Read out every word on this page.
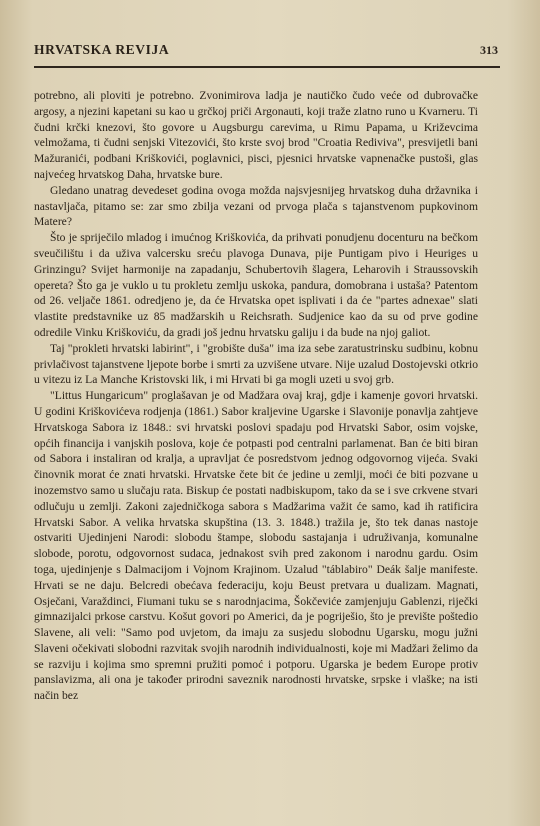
HRVATSKA REVIJA	313

potrebno, ali ploviti je potrebno. Zvonimirova ladja je nautičko čudo veće od dubrovačke argosy, a njezini kapetani su kao u grčkoj priči Argonauti, koji traže zlatno runo u Kvarneru. Ti čudni krčki knezovi, što govore u Augsburgu carevima, u Rimu Papama, u Križevcima velmožama, ti čudni senjski Vitezovići, što krste svoj brod "Croatia Rediviva", presvijetli bani Mažuranići, podbani Kriškovići, poglavnici, pisci, pjesnici hrvatske vapnenačke pustoši, glas najvećeg hrvatskog Daha, hrvatske bure.

Gledano unatrag devedeset godina ovoga možda najsvjesnijeg hrvatskog duha državnika i nastavljača, pitamo se: zar smo zbilja vezani od prvoga plača s tajanstvenom pupkovinom Matere?

Što je spriječilo mladog i imućnog Kriškovića, da prihvati ponudjenu docenturu na bečkom sveučilištu i da uživa valcersku sreću plavoga Dunava, pije Puntigam pivo i Heuriges u Grinzingu? Svijet harmonije na zapadanju, Schubertovih šlagera, Leharovih i Straussovskih opereta? Što ga je vuklo u tu prokletu zemlju uskoka, pandura, domobrana i ustaša? Patentom od 26. veljače 1861. odredjeno je, da će Hrvatska opet isplivati i da će "partes adnexae" slati vlastite predstavnike uz 85 madžarskih u Reichsrath. Sudjenice kao da su od prve godine odredile Vinku Kriškoviću, da gradi još jednu hrvatsku galiju i da bude na njoj galiot.

Taj "prokleti hrvatski labirint", i "grobište duša" ima iza sebe zaratustrinsku sudbinu, kobnu privlačivost tajanstvene ljepote borbe i smrti za uzvišene utvare. Nije uzalud Dostojevski otkrio u vitezu iz La Manche Kristovski lik, i mi Hrvati bi ga mogli uzeti u svoj grb.

"Littus Hungaricum" proglašavan je od Madžara ovaj kraj, gdje i kamenje govori hrvatski. U godini Kriškovićeva rodjenja (1861.) Sabor kraljevine Ugarske i Slavonije ponavlja zahtjeve Hrvatskoga Sabora iz 1848.: svi hrvatski poslovi spadaju pod Hrvatski Sabor, osim vojske, općih financija i vanjskih poslova, koje će potpasti pod centralni parlamenat. Ban će biti biran od Sabora i instaliran od kralja, a upravljat će posredstvom jednog odgovornog vijeća. Svaki činovnik morat će znati hrvatski. Hrvatske čete bit će jedine u zemlji, moći će biti pozvane u inozemstvo samo u slučaju rata. Biskup će postati nadbiskupom, tako da se i sve crkvene stvari odlučuju u zemlji. Zakoni zajedničkoga sabora s Madžarima važit će samo, kad ih ratificira Hrvatski Sabor. A velika hrvatska skupština (13. 3. 1848.) tražila je, što tek danas nastoje ostvariti Ujedinjeni Narodi: slobodu štampe, slobodu sastajanja i udruživanja, komunalne slobode, porotu, odgovornost sudaca, jednakost svih pred zakonom i narodnu gardu. Osim toga, ujedinjenje s Dalmacijom i Vojnom Krajinom. Uzalud "táblabiro" Deák šalje manifeste. Hrvati se ne daju. Belcredi obećava federaciju, koju Beust pretvara u dualizam. Magnati, Osječani, Varaždinci, Fiumani tuku se s narodnjacima, Šokčeviće zamjenjuju Gablenzi, riječki gimnazijalci prkose carstvu. Košut govori po Americi, da je pogriješio, što je prevište poštedio Slavene, ali veli: "Samo pod uvjetom, da imaju za susjedu slobodnu Ugarsku, mogu južni Slaveni očekivati slobodni razvitak svojih narodnih individualnosti, koje mi Madžari želimo da se razviju i kojima smo spremni pružiti pomoć i potporu. Ugarska je bedem Europe protiv panslavizma, ali ona je također prirodni saveznik narodnosti hrvatske, srpske i vlaške; na isti način bez
